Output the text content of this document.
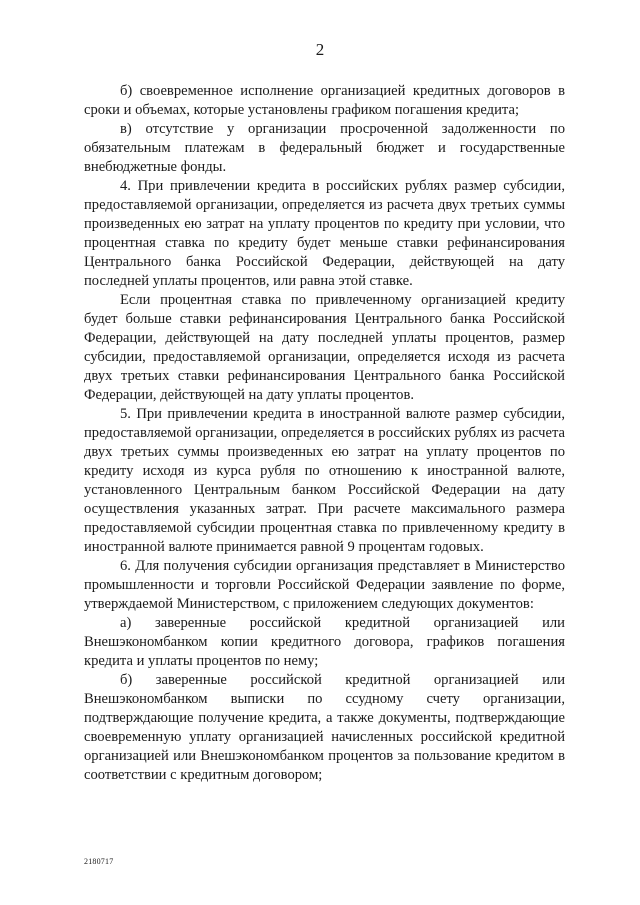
2

б) своевременное исполнение организацией кредитных договоров в сроки и объемах, которые установлены графиком погашения кредита;

в) отсутствие у организации просроченной задолженности по обязательным платежам в федеральный бюджет и государственные внебюджетные фонды.

4. При привлечении кредита в российских рублях размер субсидии, предоставляемой организации, определяется из расчета двух третьих суммы произведенных ею затрат на уплату процентов по кредиту при условии, что процентная ставка по кредиту будет меньше ставки рефинансирования Центрального банка Российской Федерации, действующей на дату последней уплаты процентов, или равна этой ставке.

Если процентная ставка по привлеченному организацией кредиту будет больше ставки рефинансирования Центрального банка Российской Федерации, действующей на дату последней уплаты процентов, размер субсидии, предоставляемой организации, определяется исходя из расчета двух третьих ставки рефинансирования Центрального банка Российской Федерации, действующей на дату уплаты процентов.

5. При привлечении кредита в иностранной валюте размер субсидии, предоставляемой организации, определяется в российских рублях из расчета двух третьих суммы произведенных ею затрат на уплату процентов по кредиту исходя из курса рубля по отношению к иностранной валюте, установленного Центральным банком Российской Федерации на дату осуществления указанных затрат. При расчете максимального размера предоставляемой субсидии процентная ставка по привлеченному кредиту в иностранной валюте принимается равной 9 процентам годовых.

6. Для получения субсидии организация представляет в Министерство промышленности и торговли Российской Федерации заявление по форме, утверждаемой Министерством, с приложением следующих документов:

а) заверенные российской кредитной организацией или Внешэкономбанком копии кредитного договора, графиков погашения кредита и уплаты процентов по нему;

б) заверенные российской кредитной организацией или Внешэкономбанком выписки по ссудному счету организации, подтверждающие получение кредита, а также документы, подтверждающие своевременную уплату организацией начисленных российской кредитной организацией или Внешэкономбанком процентов за пользование кредитом в соответствии с кредитным договором;

2180717
